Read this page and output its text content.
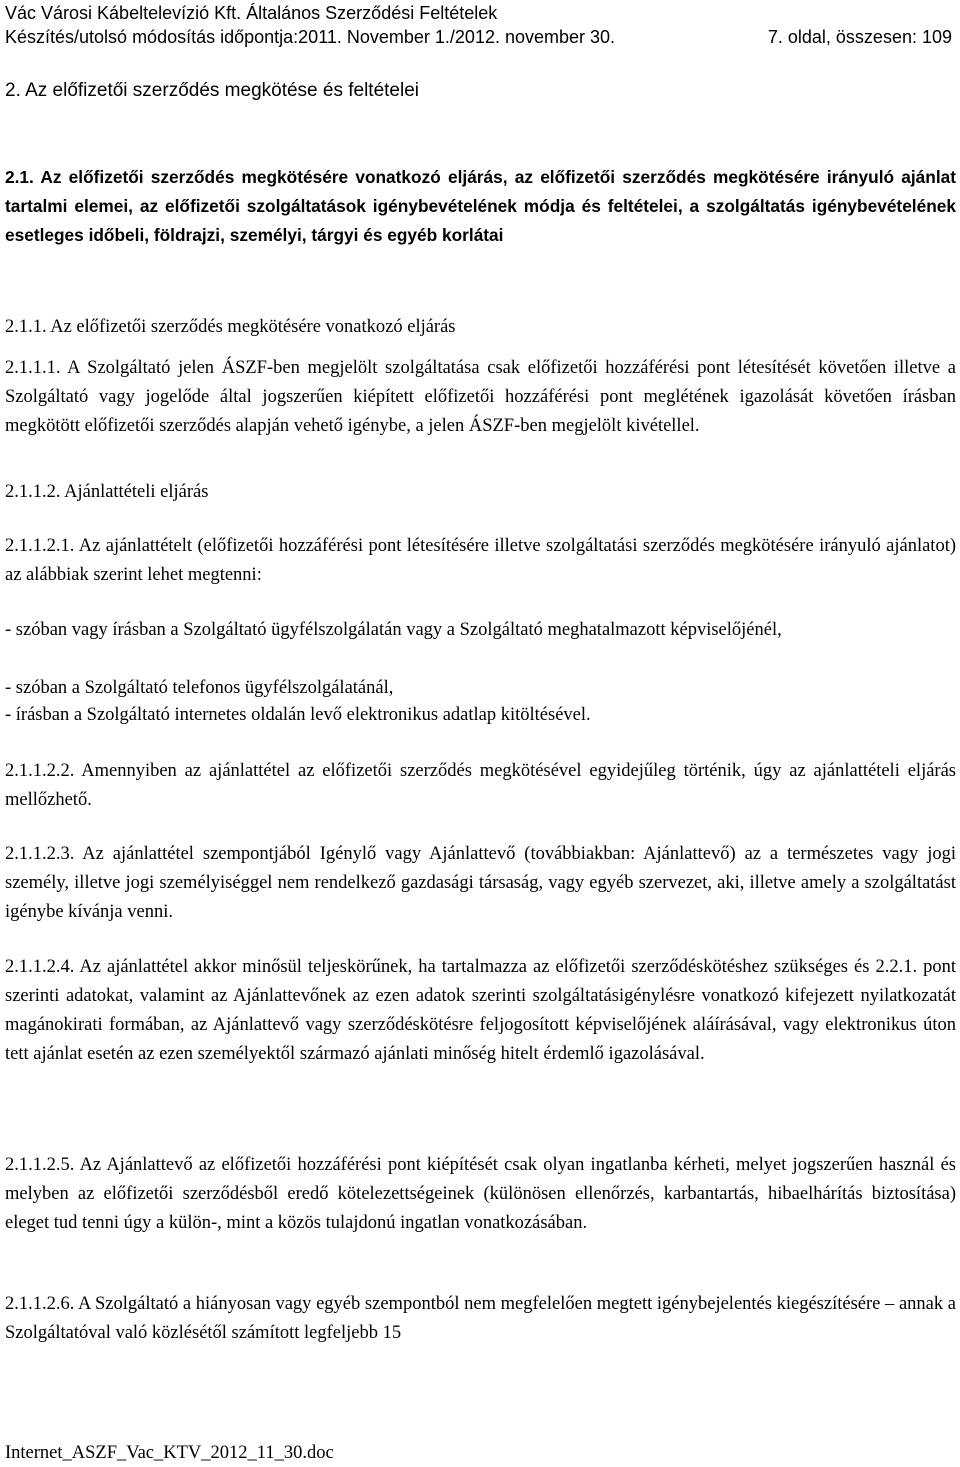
Vác Városi Kábeltelevízió Kft. Általános Szerződési Feltételek
Készítés/utolsó módosítás időpontja:2011. November 1./2012. november 30.	7. oldal, összesen: 109
2. Az előfizetői szerződés megkötése és feltételei
2.1. Az előfizetői szerződés megkötésére vonatkozó eljárás, az előfizetői szerződés megkötésére irányuló ajánlat tartalmi elemei, az előfizetői szolgáltatások igénybevételének módja és feltételei, a szolgáltatás igénybevételének esetleges időbeli, földrajzi, személyi, tárgyi és egyéb korlátai
2.1.1. Az előfizetői szerződés megkötésére vonatkozó eljárás
2.1.1.1. A Szolgáltató jelen ÁSZF-ben megjelölt szolgáltatása csak előfizetői hozzáférési pont létesítését követően illetve a Szolgáltató vagy jogelőde által jogszerűen kiépített előfizetői hozzáférési pont meglétének igazolását követően írásban megkötött előfizetői szerződés alapján vehető igénybe, a jelen ÁSZF-ben megjelölt kivétellel.
2.1.1.2. Ajánlattételi eljárás
2.1.1.2.1. Az ajánlattételt (előfizetői hozzáférési pont létesítésére illetve szolgáltatási szerződés megkötésére irányuló ajánlatot) az alábbiak szerint lehet megtenni:
- szóban vagy írásban a Szolgáltató ügyfélszolgálatán vagy a Szolgáltató meghatalmazott képviselőjénél,
- szóban a Szolgáltató telefonos ügyfélszolgálatánál,
- írásban a Szolgáltató internetes oldalán levő elektronikus adatlap kitöltésével.
2.1.1.2.2. Amennyiben az ajánlattétel az előfizetői szerződés megkötésével egyidejűleg történik, úgy az ajánlattételi eljárás mellőzhető.
2.1.1.2.3. Az ajánlattétel szempontjából Igénylő vagy Ajánlattevő (továbbiakban: Ajánlattevő) az a természetes vagy jogi személy, illetve jogi személyiséggel nem rendelkező gazdasági társaság, vagy egyéb szervezet, aki, illetve amely a szolgáltatást igénybe kívánja venni.
2.1.1.2.4. Az ajánlattétel akkor minősül teljeskörűnek, ha tartalmazza az előfizetői szerződéskötéshez szükséges és 2.2.1. pont szerinti adatokat, valamint az Ajánlattevőnek az ezen adatok szerinti szolgáltatásigénylésre vonatkozó kifejezett nyilatkozatát magánokirati formában, az Ajánlattevő vagy szerződéskötésre feljogosított képviselőjének aláírásával, vagy elektronikus úton tett ajánlat esetén az ezen személyektől származó ajánlati minőség hitelt érdemlő igazolásával.
2.1.1.2.5. Az Ajánlattevő az előfizetői hozzáférési pont kiépítését csak olyan ingatlanba kérheti, melyet jogszerűen használ és melyben az előfizetői szerződésből eredő kötelezettségeinek (különösen ellenőrzés, karbantartás, hibaelhárítás biztosítása) eleget tud tenni úgy a külön-, mint a közös tulajdonú ingatlan vonatkozásában.
2.1.1.2.6. A Szolgáltató a hiányosan vagy egyéb szempontból nem megfelelően megtett igénybejelentés kiegészítésére – annak a Szolgáltatóval való közlésétől számított legfeljebb 15
Internet_ASZF_Vac_KTV_2012_11_30.doc
